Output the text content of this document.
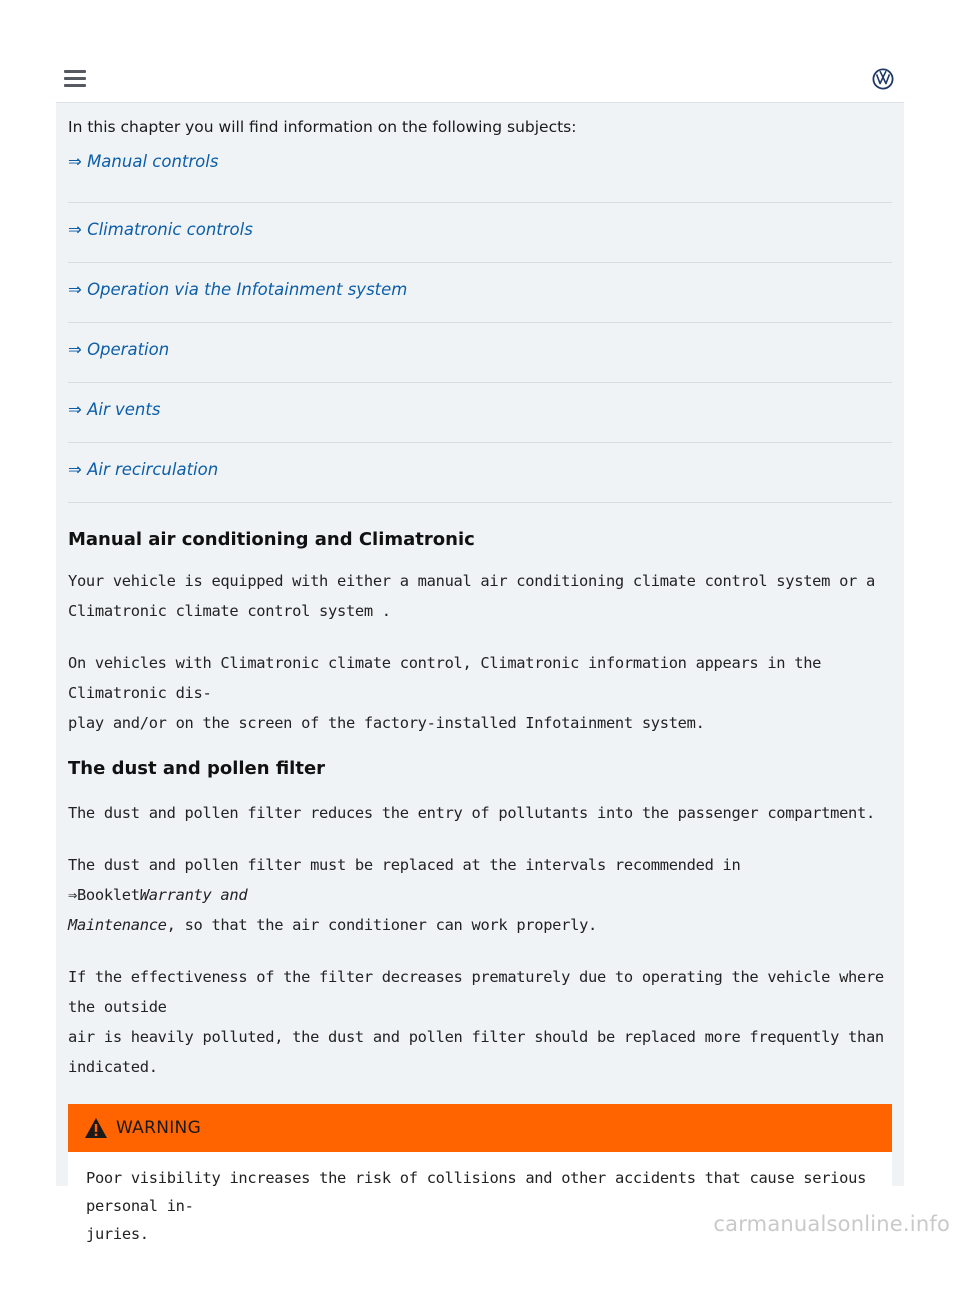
In this chapter you will find information on the following subjects:

⇒ Manual controls
⇒ Climatronic controls
⇒ Operation via the Infotainment system
⇒ Operation
⇒ Air vents
⇒ Air recirculation
Manual air conditioning and Climatronic

Your vehicle is equipped with either a manual air conditioning climate control system or a
Climatronic climate control system .

On vehicles with Climatronic climate control, Climatronic information appears in the Climatronic dis-
play and/or on the screen of the factory-installed Infotainment system.

The dust and pollen filter

The dust and pollen filter reduces the entry of pollutants into the passenger compartment.

The dust and pollen filter must be replaced at the intervals recommended in ⇒BookletWarranty and
Maintenance, so that the air conditioner can work properly.

If the effectiveness of the filter decreases prematurely due to operating the vehicle where the outside
air is heavily polluted, the dust and pollen filter should be replaced more frequently than indicated.

WARNING

Poor visibility increases the risk of collisions and other accidents that cause serious personal in-
juries.	carmanualsonline.info
